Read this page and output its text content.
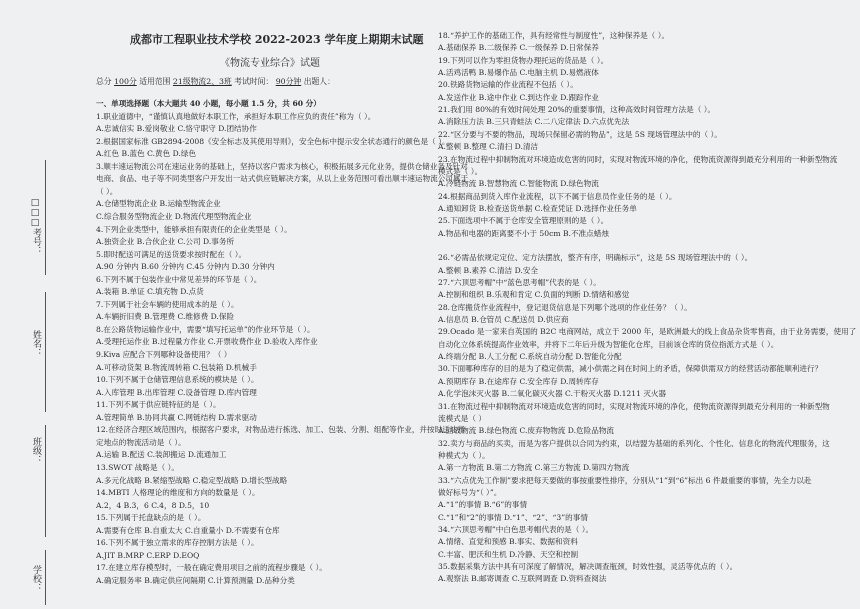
考号：
□□□
姓名：
班级：
学校：
成都市工程职业技术学校 2022-2023 学年度上期期末试题
《物流专业综合》试题
总分 100分 适用范围 21级物流2、3班 考试时间： 90分钟 出题人：
一、单项选择题（本大题共 40 小题，每小题 1.5 分，共 60 分）
1.职业道德中，“谨慎认真地做好本职工作，承担好本职工作应负的责任”称为（ ）。
A.忠诚信实 B.爱岗敬业 C.恪守职守 D.团结协作
2.根据国家标准 GB2894-2008《安全标志及其使用导则》，安全色标中提示安全状态通行的颜色是（ ）。
A.红色 B.蓝色 C.黄色 D.绿色
3.顺丰速运物流公司在速运业务的基础上，坚持以客户需求为核心，积极拓展多元化业务，提供仓储业务及针对
电商、食品、电子等不同类型客户开发出一站式供应链解决方案，从以上业务范围可看出顺丰速运物流公司属于
（ ）。
A.仓储型物流企业 B.运输型物流企业
C.综合服务型物流企业 D.物流代理型物流企业
4.下列企业类型中，能够承担有限责任的企业类型是（ ）。
A.独资企业 B.合伙企业 C.公司 D.事务所
5.即时配送可满足的送货要求按时配在（ ）。
A.90 分钟内 B.60 分钟内 C.45 分钟内 D.30 分钟内
6.下列不属于包装作业中常见差异的环节是（ ）。
A.装箱 B.单证 C.填充物 D.点货
7.下列属于社会车辆的使用成本的是（ ）。
A.车辆折旧费 B.管理费 C.维修费 D.保险
8.在公路货物运输作业中，需要“填写托运单”的作业环节是（ ）。
A.受理托运作业 B.过程量方作业 C.开票收费作业 D.验收入库作业
9.Kiva 应配合下列哪种设备使用？（ ）
A.可移动货架 B.物流周转箱 C.包装箱 D.机械手
10.下列不属于仓储管理信息系统的模块是（ ）。
A.入库管理 B.出库管理 C.设备管理 D.库内管理
11.下列不属于供应链特征的是（ ）。
A.管理简单 B.协同共赢 C.网链结构 D.需求驱动
12.在经济合理区域范围内，根据客户要求，对物品进行拣选、加工、包装、分割、组配等作业，并按时送达指
定地点的物流活动是（ ）。
A.运输 B.配送 C.装卸搬运 D.流通加工
13.SWOT 战略是（ ）。
A.多元化战略 B.紧缩型战略 C.稳定型战略 D.增长型战略
14.MBTI 人格理论的维度和方向的数量是（ ）。
A.2，4 B.3，6 C.4，8 D.5，10
15.下列属于托盘缺点的是（ ）。
A.需要有仓库 B.自重太大 C.自重量小 D.不需要有仓库
16.下列不属于独立需求的库存控制方法是（ ）。
A.JIT B.MRP C.ERP D.EOQ
17.在建立库存模型时，一般在确定费用项目之前的流程步骤是（ ）。
A.确定服务率 B.确定供应间隔期 C.计算预测量 D.品种分类
18.“养护工作的基础工作，具有经常性与制度性”，这种保养是（ ）。
A.基础保养 B.二级保养 C.一级保养 D.日常保养
19.下列可以作为零担货物办理托运的货品是（ ）。
A.活鸡活鸭 B.易爆作品 C.电脑主机 D.易燃液体
20.铁路货物运输的作业流程不包括（ ）。
A.发送作业 B.途中作业 C.到达作业 D.跟踪作业
21.我们用 80%的有效时间处理 20%的重要事情，这种高效时间管理方法是（ ）。
A.消除压力法 B.三只青蛙法 C.二八定律法 D.六点优先法
22.“区分要与不要的物品，现场只保留必需的物品”，这是 5S 现场管理法中的（ ）。
A.整顿 B.整理 C.清扫 D.清洁
23.在物流过程中抑制物流对环境造成危害的同时，实现对物流环境的净化，使物流资源得到最充分利用的一种新型物流
模式是（ ）。
A.冷链物流 B.智慧物流 C.智能物流 D.绿色物流
24.根据商品到货入库作业流程，以下不属于信息员作业任务的是（ ）。
A.通知卸货 B.检查送货单据 C.检查凭证 D.选择作业任务单
25.下面选项中不属于仓库安全管理原则的是（ ）。
A.物品和电器的距离要不小于 50cm B.不准点蜡烛
26.“必需品依规定定位、定方法摆放，整齐有序，明确标示”，这是 5S 现场管理法中的（ ）。
A.整顿 B.素养 C.清洁 D.安全
27.“六顶思考帽”中“蓝色思考帽”代表的是（ ）。
A.控制和组织 B.乐观和肯定 C.负面的判断 D.情绪和感觉
28.仓库搬货作业流程中，登记退货信息是下列哪个选项的作业任务？（ ）。
A.信息员 B.仓管员 C.配送员 D.供应商
29.Ocado 是一家来自英国的 B2C 电商网站，成立于 2000 年，是欧洲最大的线上食品杂货零售商，由于业务需要，使用了
自动化立体系统提高作业效率，并将下二年后升级为智能化仓库，目前该仓库的货位指派方式是（ ）。
A.终端分配 B.人工分配 C.系统自动分配 D.智能化分配
30.下面哪种库存的目的是为了稳定供需，减小供需之间在时间上的矛盾，保障供需双方的经营活动都能顺利进行？
A.预期库存 B.在途库存 C.安全库存 D.周转库存
A.化学泡沫灭火器 B.二氧化碳灭火器 C.干粉灭火器 D.1211 灭火器
31.在物流过程中抑制物流对环境造成危害的同时，实现对物流环境的净化，使物流资源得到最充分利用的一种新型物
流模式是（ ）
A.回收物流 B.绿色物流 C.废弃物物流 D.危险品物流
32.卖方与商品的买卖，而是为客户提供以合同为约束，以结盟为基础的系列化、个性化、信息化的物流代理服务，这
种模式为（ ）。
A.第一方物流 B.第二方物流 C.第三方物流 D.第四方物流
33.“六点优先工作制”要求把每天要做的事按重要性排序，分别从“1”到“6”标出 6 件最重要的事情，先全力以赴
做好标号为“（ ）”。
A.“1”的事情 B.“6”的事情
C.“1”和“2”的事情 D.“1”、“2”、“3”的事情
34.“六顶思考帽”中白色思考帽代表的是（ ）。
A.情绪、直觉和预感 B.事实、数据和资料
C.丰富、肥沃和生机 D.冷静、天空和控制
35.数据采集方法中具有可深度了解情况，解决调查瓶颈，时效性强，灵活等优点的（ ）。
A.观察法 B.邮寄调查 C.互联网调查 D.资料查阅法
